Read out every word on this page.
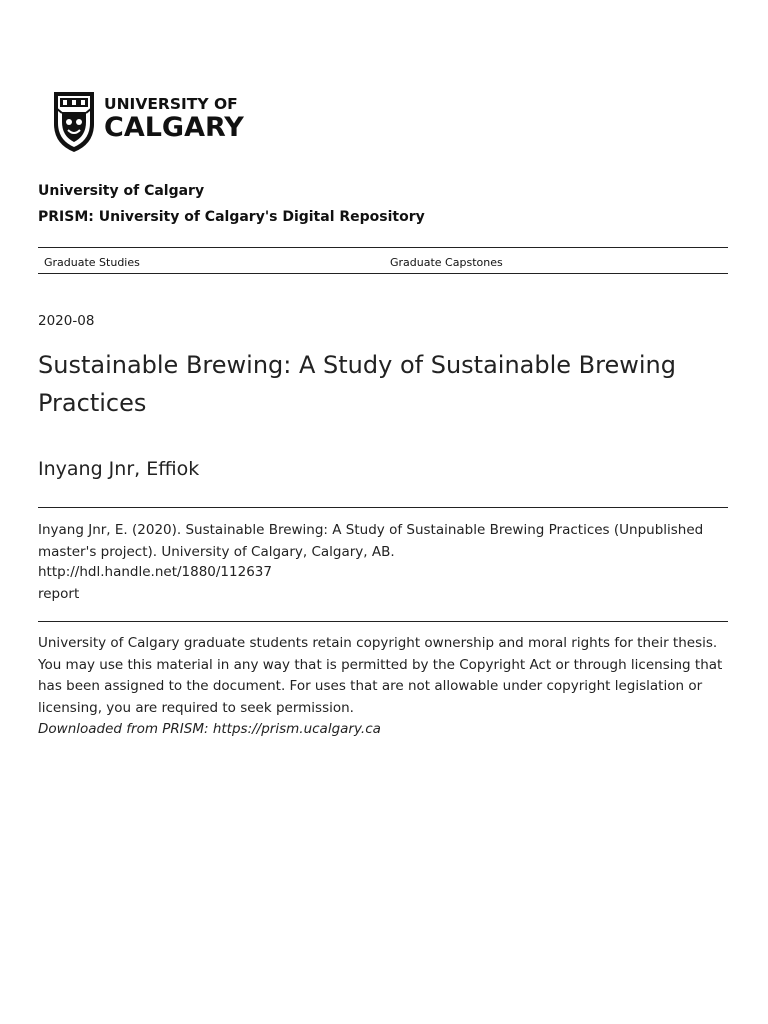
UNIVERSITY OF
CALGARY
University of Calgary
PRISM: University of Calgary's Digital Repository
Graduate Studies	Graduate Capstones
2020-08
Sustainable Brewing: A Study of Sustainable Brewing Practices
Inyang Jnr, Effiok
Inyang Jnr, E. (2020). Sustainable Brewing: A Study of Sustainable Brewing Practices (Unpublished master's project). University of Calgary, Calgary, AB.
http://hdl.handle.net/1880/112637
report
University of Calgary graduate students retain copyright ownership and moral rights for their thesis. You may use this material in any way that is permitted by the Copyright Act or through licensing that has been assigned to the document. For uses that are not allowable under copyright legislation or licensing, you are required to seek permission.
Downloaded from PRISM: https://prism.ucalgary.ca
